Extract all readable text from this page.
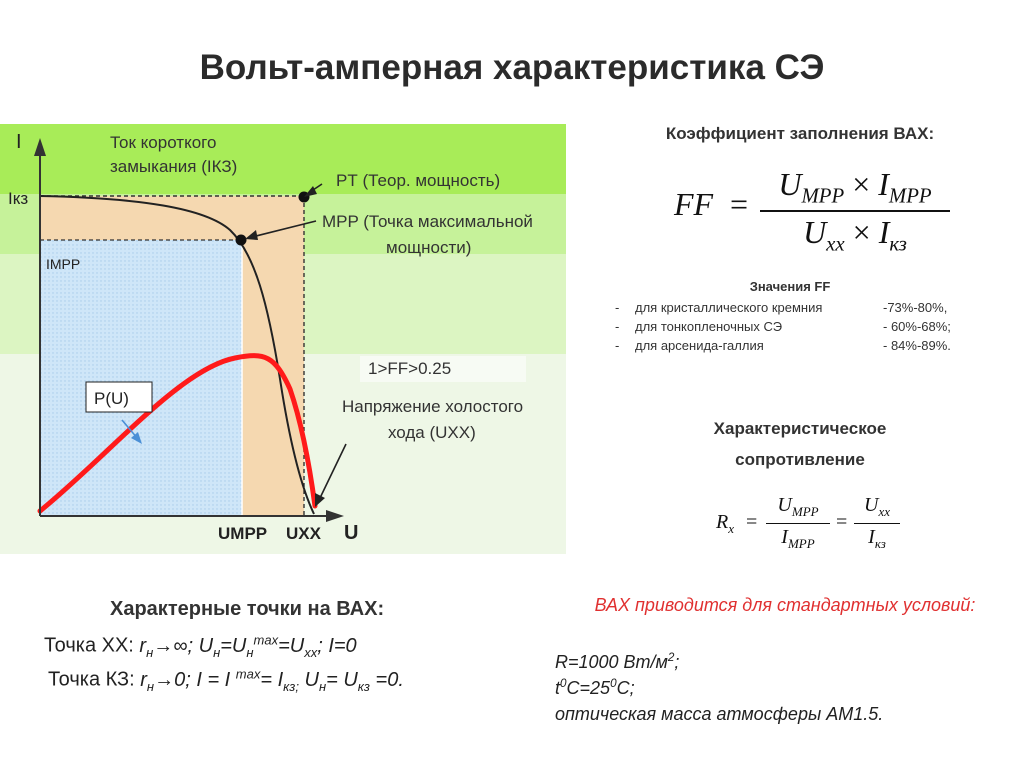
Вольт-амперная характеристика СЭ
I
Iкз
IMPP
Ток короткого
замыкания (IКЗ)
PТ (Теор. мощность)
MPP (Точка максимальной
мощности)
1>FF>0.25
Напряжение холостого
хода (UXX)
P(U)
UMPP UXX U
Коэффициент заполнения ВАХ:
FF =
$U_{MPP} \times I_{MPP}$
$U_{xx} \times I_{кз}$
Значения FF
- для кристаллического кремния	-73%-80%,
- для тонкопленочных СЭ	- 60%-68%;
- для арсенида-галлия	- 84%-89%.
Характеристическое
сопротивление
$R_x$ =
$U_{MPP}$
$I_{MPP}$
=
$U_{xx}$
$I_{кз}$
Характерные точки на ВАХ:
Точка ХХ: $r_н\to\infty$; $U_н=U_н^{max}=U_{xx}$; I=0
Точка КЗ: $r_н\to 0$; I = I $^{max}= I_{кз;}$ $U_н= U_{кз} =0$.
ВАХ приводится для стандартных условий:
R=1000 $Вт/м^2$;
$t^0C=25^0C$;
оптическая масса атмосферы АМ1.5.
